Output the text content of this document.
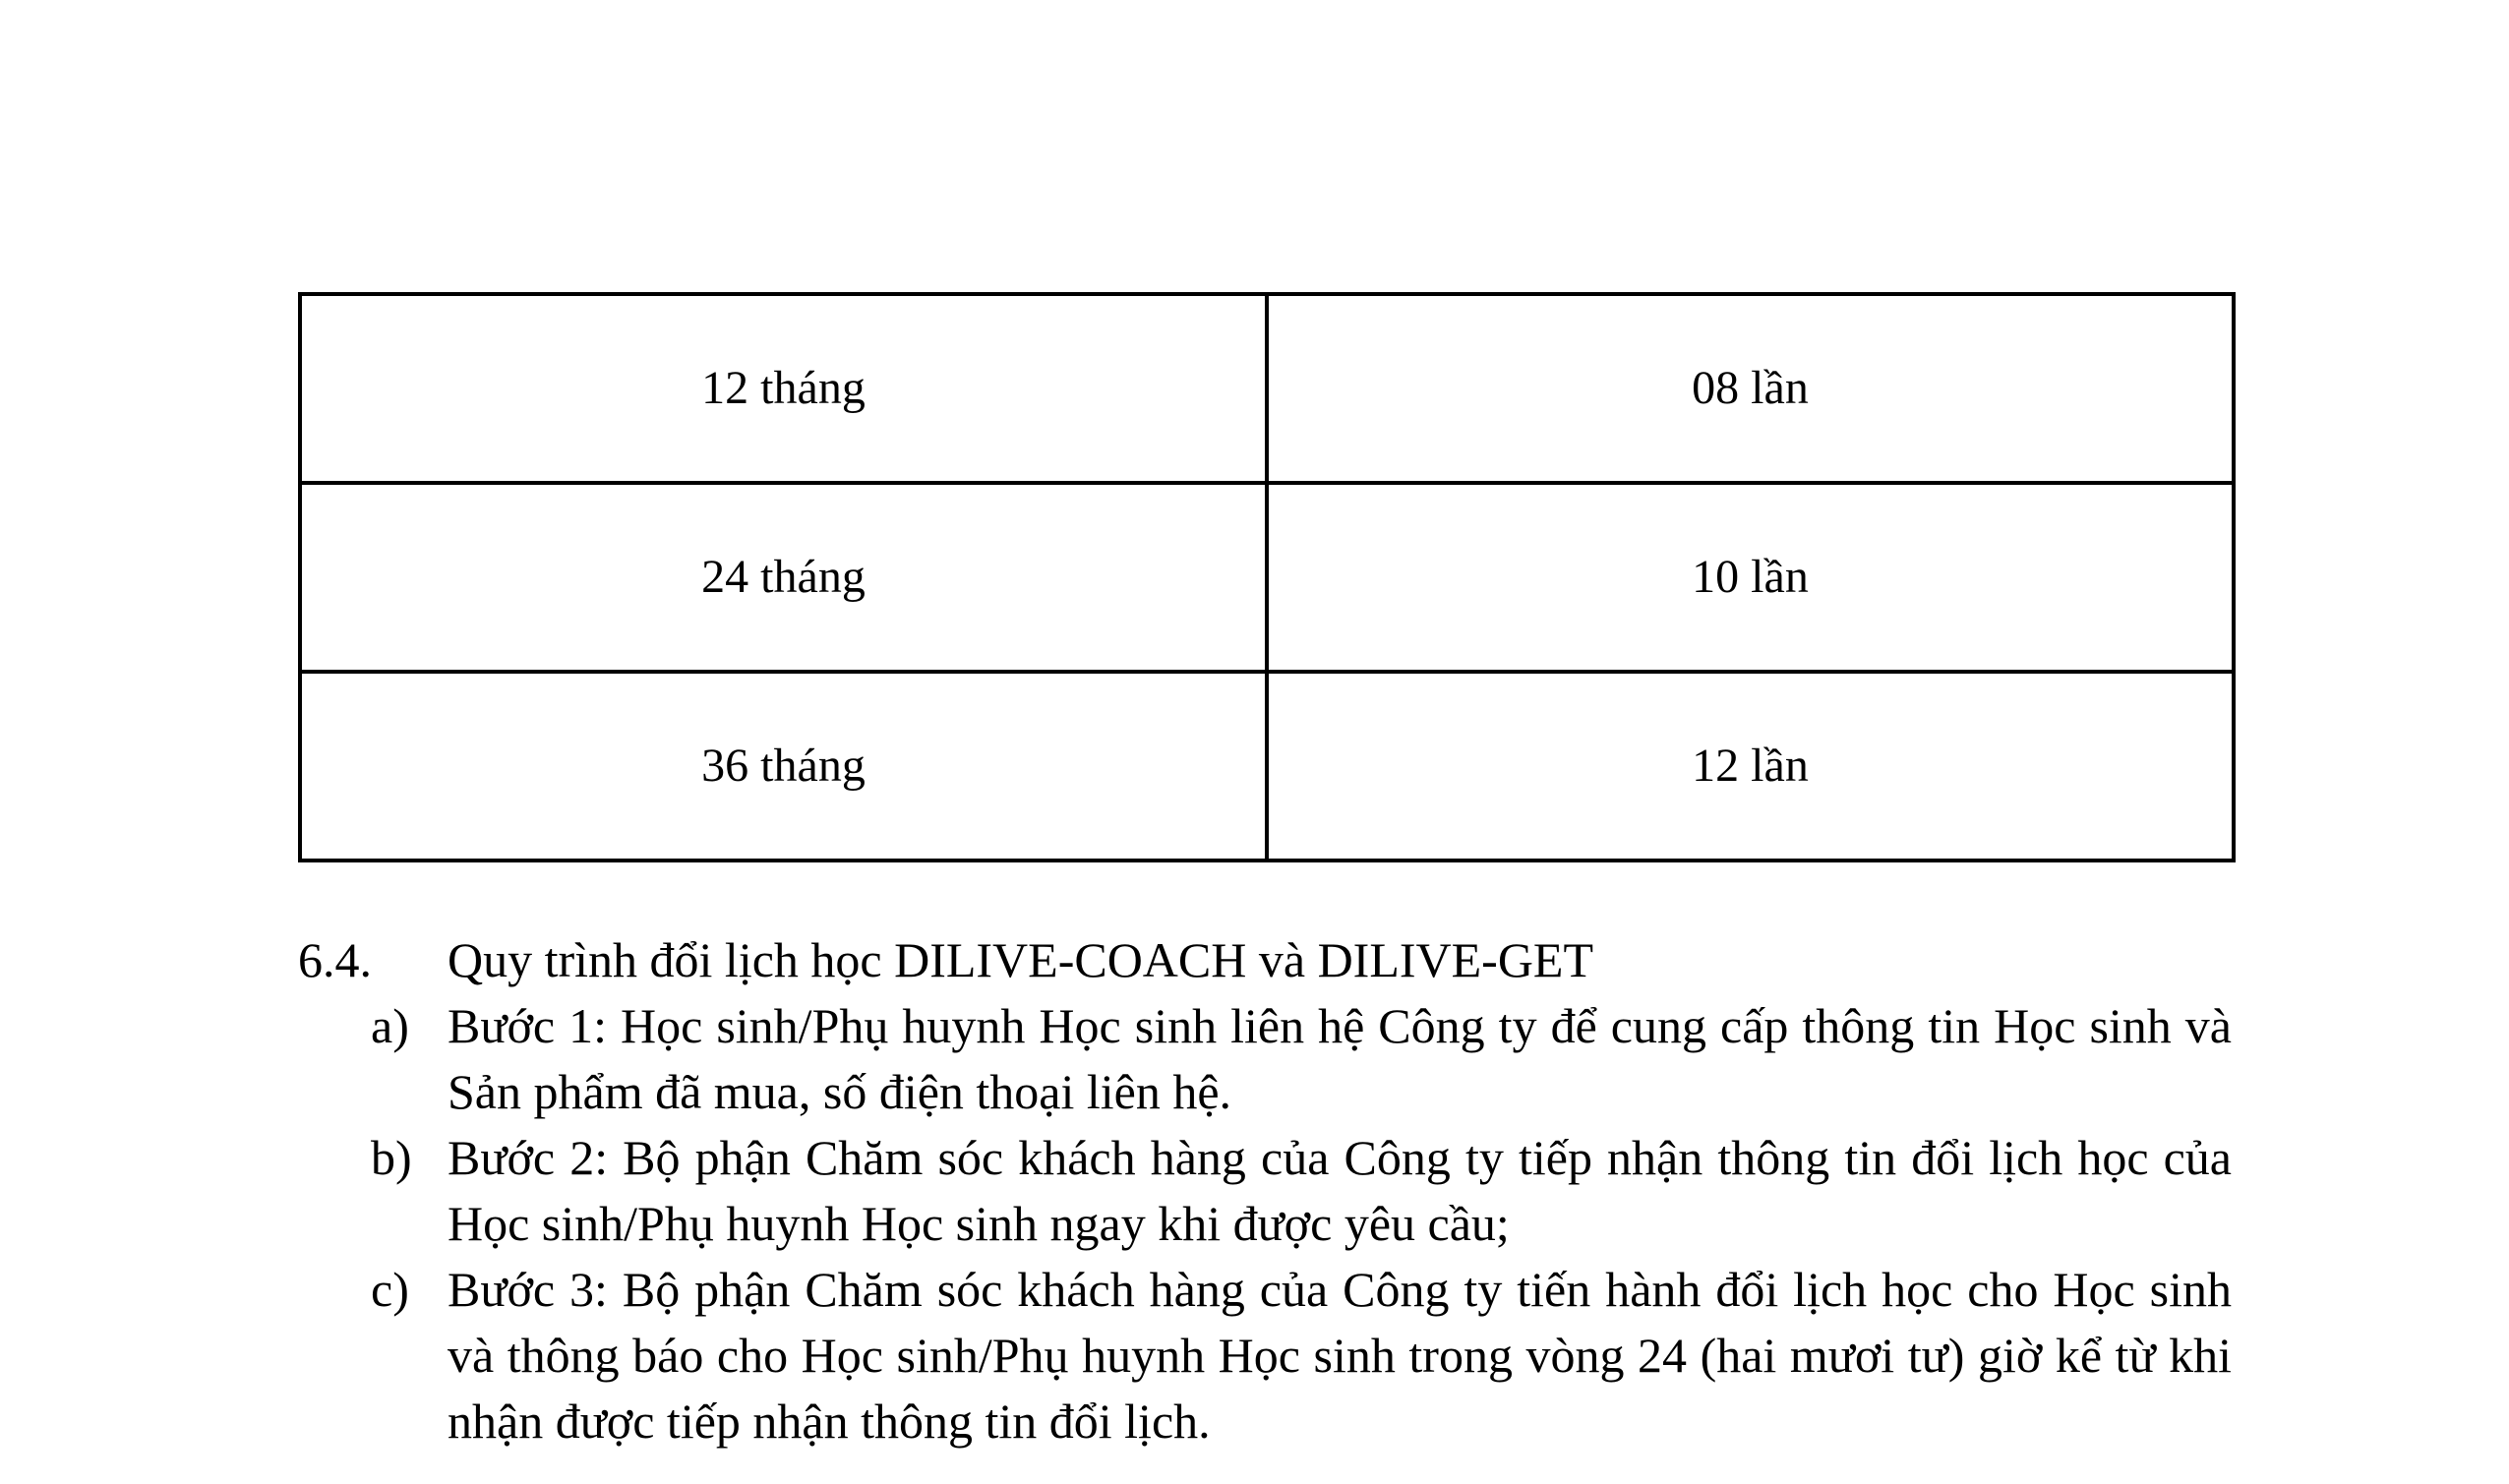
12 tháng	08 lần
24 tháng	10 lần
36 tháng	12 lần
6.4.	Quy trình đổi lịch học DILIVE-COACH và DILIVE-GET
a) Bước 1: Học sinh/Phụ huynh Học sinh liên hệ Công ty để cung cấp thông tin Học sinh và Sản phẩm đã mua, số điện thoại liên hệ.
b) Bước 2: Bộ phận Chăm sóc khách hàng của Công ty tiếp nhận thông tin đổi lịch học của Học sinh/Phụ huynh Học sinh ngay khi được yêu cầu;
c) Bước 3: Bộ phận Chăm sóc khách hàng của Công ty tiến hành đổi lịch học cho Học sinh và thông báo cho Học sinh/Phụ huynh Học sinh trong vòng 24 (hai mươi tư) giờ kể từ khi nhận được tiếp nhận thông tin đổi lịch.
